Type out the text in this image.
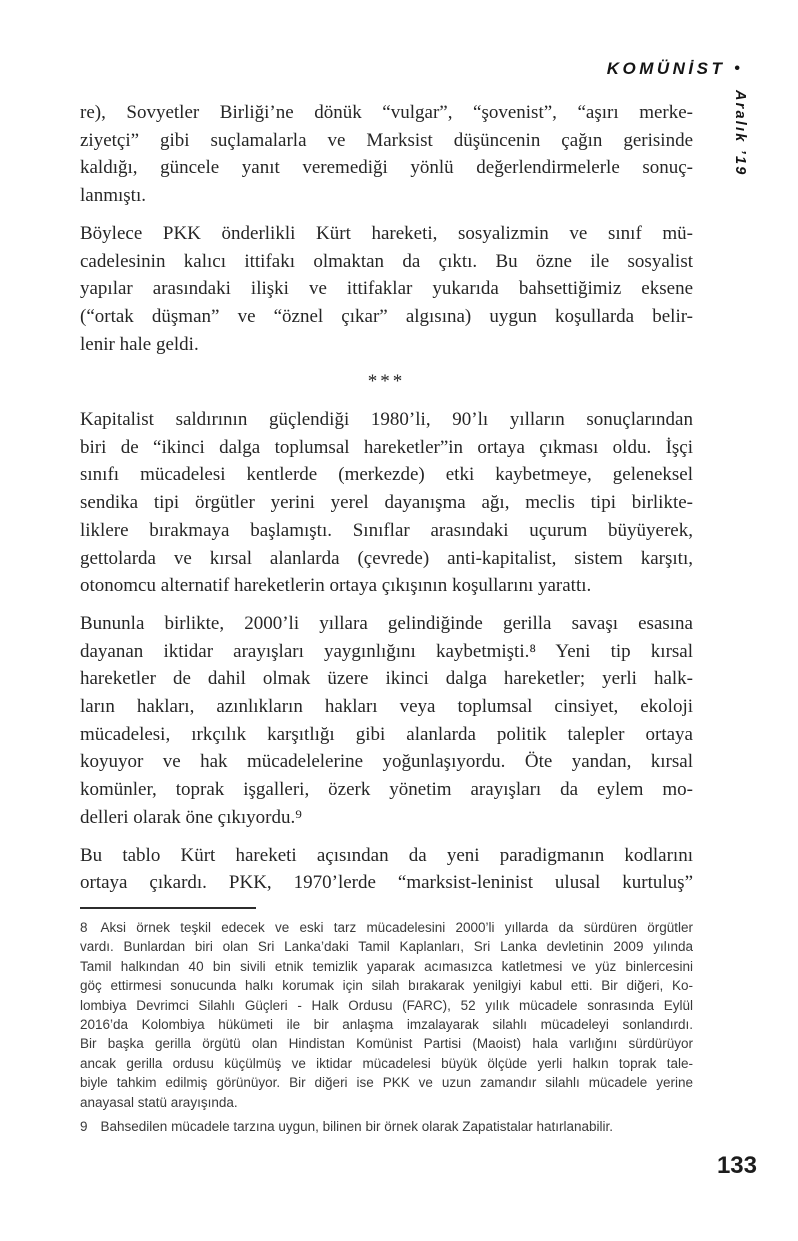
KOMÜNİST •
Aralık ’19

re), Sovyetler Birliği’ne dönük “vulgar”, “şovenist”, “aşırı merke-
ziyetçi” gibi suçlamalarla ve Marksist düşüncenin çağın gerisinde
kaldığı, güncele yanıt veremediği yönlü değerlendirmelerle sonuç-
lanmıştı.

Böylece PKK önderlikli Kürt hareketi, sosyalizmin ve sınıf mü-
cadelesinin kalıcı ittifakı olmaktan da çıktı. Bu özne ile sosyalist
yapılar arasındaki ilişki ve ittifaklar yukarıda bahsettiğimiz eksene
(“ortak düşman” ve “öznel çıkar” algısına) uygun koşullarda belir-
lenir hale geldi.

***

Kapitalist saldırının güçlendiği 1980’li, 90’lı yılların sonuçlarından
biri de “ikinci dalga toplumsal hareketler”in ortaya çıkması oldu. İşçi
sınıfı mücadelesi kentlerde (merkezde) etki kaybetmeye, geleneksel
sendika tipi örgütler yerini yerel dayanışma ağı, meclis tipi birlikte-
liklere bırakmaya başlamıştı. Sınıflar arasındaki uçurum büyüyerek,
gettolarda ve kırsal alanlarda (çevrede) anti-kapitalist, sistem karşıtı,
otonomcu alternatif hareketlerin ortaya çıkışının koşullarını yarattı.

Bununla birlikte, 2000’li yıllara gelindiğinde gerilla savaşı esasına
dayanan iktidar arayışları yaygınlığını kaybetmişti.⁸ Yeni tip kırsal
hareketler de dahil olmak üzere ikinci dalga hareketler; yerli halk-
ların hakları, azınlıkların hakları veya toplumsal cinsiyet, ekoloji
mücadelesi, ırkçılık karşıtlığı gibi alanlarda politik talepler ortaya
koyuyor ve hak mücadelelerine yoğunlaşıyordu. Öte yandan, kırsal
komünler, toprak işgalleri, özerk yönetim arayışları da eylem mo-
delleri olarak öne çıkıyordu.⁹

Bu tablo Kürt hareketi açısından da yeni paradigmanın kodlarını
ortaya çıkardı. PKK, 1970’lerde “marksist-leninist ulusal kurtuluş”

8 Aksi örnek teşkil edecek ve eski tarz mücadelesini 2000’li yıllarda da sürdüren örgütler
vardı. Bunlardan biri olan Sri Lanka’daki Tamil Kaplanları, Sri Lanka devletinin 2009 yılında
Tamil halkından 40 bin sivili etnik temizlik yaparak acımasızca katletmesi ve yüz binlercesini
göç ettirmesi sonucunda halkı korumak için silah bırakarak yenilgiyi kabul etti. Bir diğeri, Ko-
lombiya Devrimci Silahlı Güçleri - Halk Ordusu (FARC), 52 yılık mücadele sonrasında Eylül
2016’da Kolombiya hükümeti ile bir anlaşma imzalayarak silahlı mücadeleyi sonlandırdı.
Bir başka gerilla örgütü olan Hindistan Komünist Partisi (Maoist) hala varlığını sürdürüyor
ancak gerilla ordusu küçülmüş ve iktidar mücadelesi büyük ölçüde yerli halkın toprak tale-
biyle tahkim edilmiş görünüyor. Bir diğeri ise PKK ve uzun zamandır silahlı mücadele yerine
anayasal statü arayışında.

9 Bahsedilen mücadele tarzına uygun, bilinen bir örnek olarak Zapatistalar hatırlanabilir.

133
